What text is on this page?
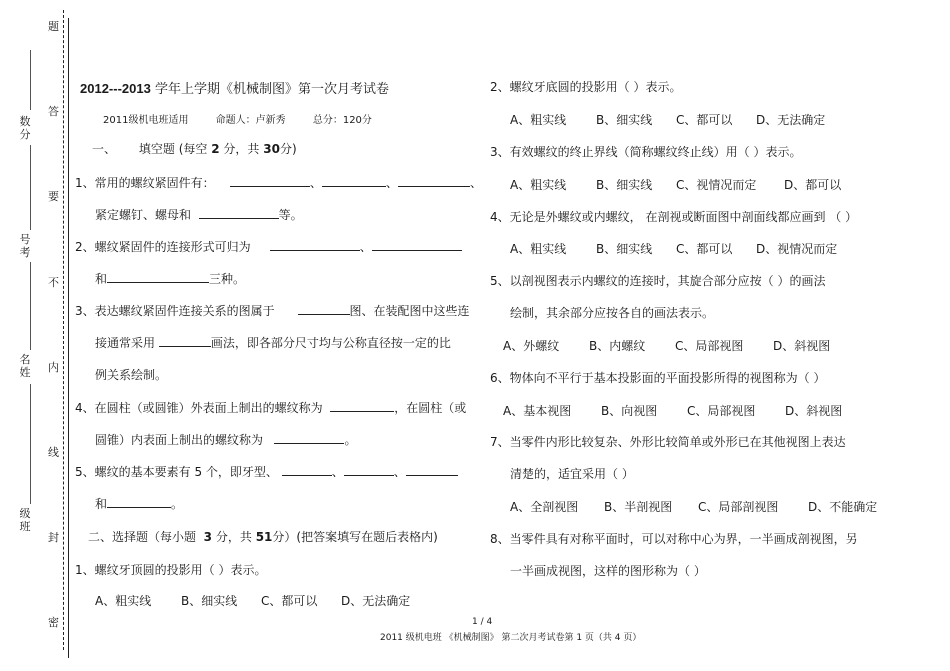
题
答
要
不
内
线
封
密
数分
号考
名姓
级班
2012---2013 学年上学期《机械制图》第一次月考试卷
2011级机电班适用	命题人：卢新秀	总分：120分
一、 填空题 (每空 2 分，共 30分)
1、常用的螺纹紧固件有：	、	、	、
紧定螺钉、螺母和	等。
2、螺纹紧固件的连接形式可归为	、
和	三种。
3、表达螺纹紧固件连接关系的图属于	图、在装配图中这些连
接通常采用	画法，即各部分尺寸均与公称直径按一定的比
例关系绘制。
4、在圆柱（或圆锥）外表面上制出的螺纹称为	，在圆柱（或
圆锥）内表面上制出的螺纹称为	。
5、螺纹的基本要素有 5 个，即牙型、	、	、
和	。
二、选择题（每小题 3 分，共 51分）(把答案填写在题后表格内)
1、螺纹牙顶圆的投影用（ ）表示。
A、粗实线 B、细实线 C、都可以 D、无法确定
2、螺纹牙底圆的投影用（ ）表示。
A、粗实线 B、细实线 C、都可以 D、无法确定
3、有效螺纹的终止界线（简称螺纹终止线）用（ ）表示。
A、粗实线 B、细实线 C、视情况而定 D、都可以
4、无论是外螺纹或内螺纹， 在剖视或断面图中剖面线都应画到 （ ）
A、粗实线 B、细实线 C、都可以 D、视情况而定
5、以剖视图表示内螺纹的连接时，其旋合部分应按（ ）的画法
绘制，其余部分应按各自的画法表示。
A、外螺纹 B、内螺纹 C、局部视图 D、斜视图
6、物体向不平行于基本投影面的平面投影所得的视图称为（ ）
A、基本视图 B、向视图 C、局部视图 D、斜视图
7、当零件内形比较复杂、外形比较简单或外形已在其他视图上表达
清楚的，适宜采用（ ）
A、全剖视图 B、半剖视图 C、局部剖视图 D、不能确定
8、当零件具有对称平面时，可以对称中心为界，一半画成剖视图，另
一半画成视图，这样的图形称为（ ）
1 / 4
2011 级机电班 《机械制图》 第二次月考试卷第 1 页（共 4 页）
